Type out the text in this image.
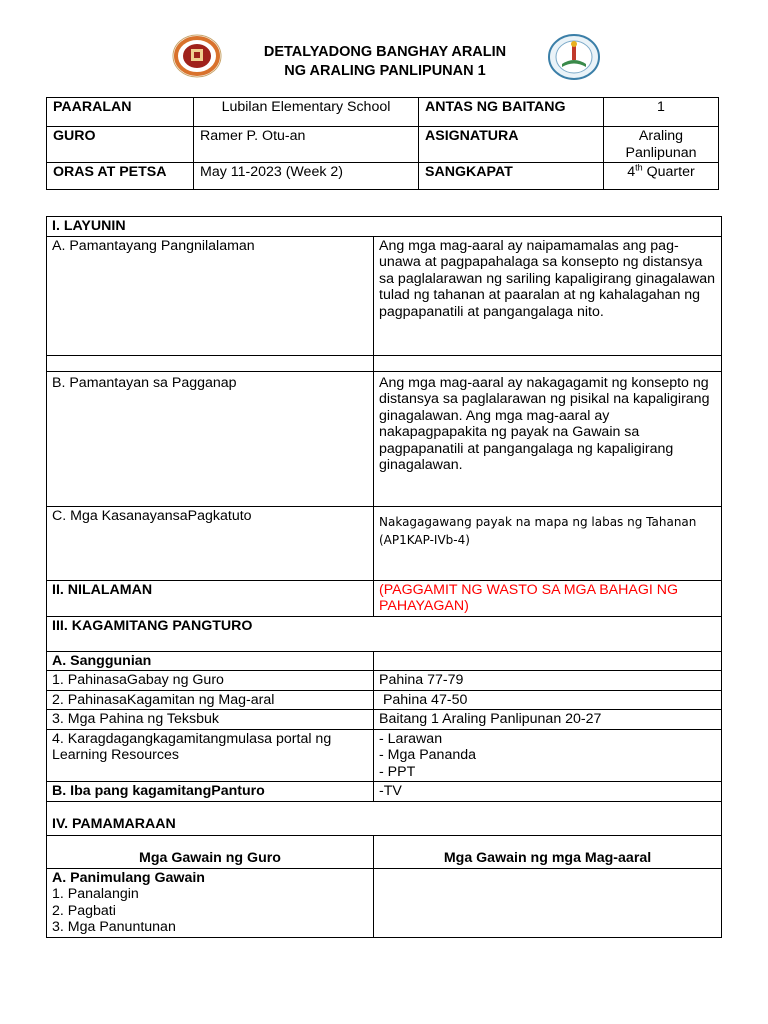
DETALYADONG BANGHAY ARALIN
NG ARALING PANLIPUNAN 1
PAARALAN	Lubilan Elementary School	ANTAS NG BAITANG	1
GURO	Ramer P. Otu-an	ASIGNATURA	Araling
Panlipunan
ORAS AT PETSA	May 11-2023 (Week 2)	SANGKAPAT	4th Quarter
I. LAYUNIN	
A. Pamantayang Pangnilalaman	Ang mga mag-aaral ay naipamamalas ang pag-unawa at pagpapahalaga sa konsepto ng distansya sa paglalarawan ng sariling kapaligirang ginagalawan tulad ng tahanan at paaralan at ng kahalagahan ng pagpapanatili at pangangalaga nito.

B. Pamantayan sa Pagganap	Ang mga mag-aaral ay nakagagamit ng konsepto ng distansya sa paglalarawan ng pisikal na kapaligirang ginagalawan. Ang mga mag-aaral ay nakapagpapakita ng payak na Gawain sa pagpapanatili at pangangalaga ng kapaligirang ginagalawan.
C. Mga KasanayansaPagkatuto	Nakagagawang payak na mapa ng labas ng Tahanan
(AP1KAP-IVb-4)
II. NILALAMAN	(PAGGAMIT NG WASTO SA MGA BAHAGI NG PAHAYAGAN)
III. KAGAMITANG PANGTURO	
A. Sanggunian	
1. PahinasaGabay ng Guro	Pahina 77-79
2. PahinasaKagamitan ng Mag-aral	Pahina 47-50
3. Mga Pahina ng Teksbuk	Baitang 1 Araling Panlipunan 20-27
4. Karagdagangkagamitangmulasa portal ng Learning Resources	- Larawan
- Mga Pananda
- PPT
B. Iba pang kagamitangPanturo	-TV
IV. PAMAMARAAN	
Mga Gawain ng Guro	Mga Gawain ng mga Mag-aaral
A. Panimulang Gawain
1. Panalangin
2. Pagbati
3. Mga Panuntunan	
